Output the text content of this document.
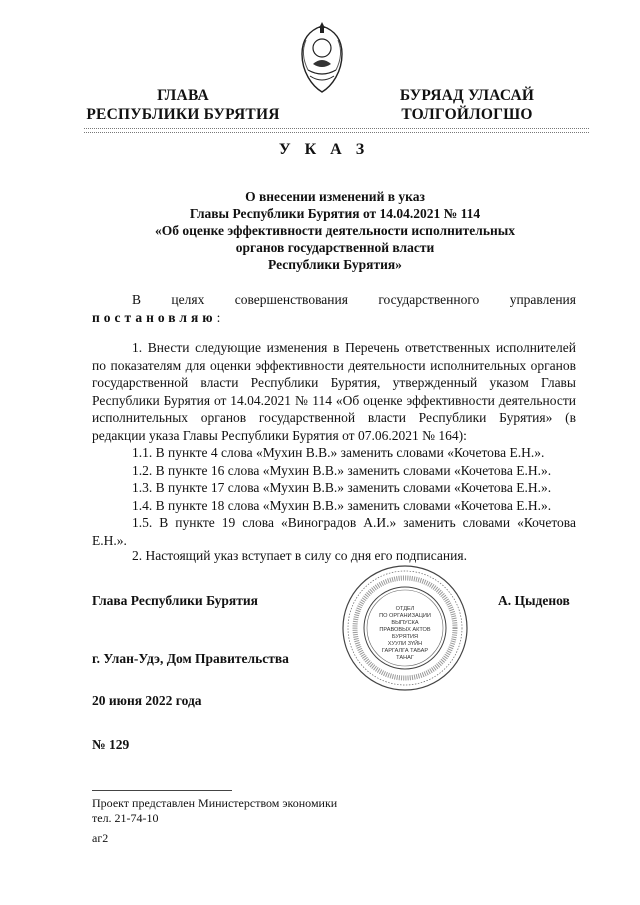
ГЛАВА
РЕСПУБЛИКИ БУРЯТИЯ
БУРЯАД УЛАСАЙ
ТОЛГОЙЛОГШО
У К А З
О внесении изменений в указ
Главы Республики Бурятия от 14.04.2021 № 114
«Об оценке эффективности деятельности исполнительных
органов государственной власти
Республики Бурятия»
В целях совершенствования государственного управления постановляю:
1. Внести следующие изменения в Перечень ответственных исполнителей по показателям для оценки эффективности деятельности исполнительных органов государственной власти Республики Бурятия, утвержденный указом Главы Республики Бурятия от 14.04.2021 № 114 «Об оценке эффективности деятельности исполнительных органов государственной власти Республики Бурятия» (в редакции указа Главы Республики Бурятия от 07.06.2021 № 164):
1.1. В пункте 4 слова «Мухин В.В.» заменить словами «Кочетова Е.Н.».
1.2. В пункте 16 слова «Мухин В.В.» заменить словами «Кочетова Е.Н.».
1.3. В пункте 17 слова «Мухин В.В.» заменить словами «Кочетова Е.Н.».
1.4. В пункте 18 слова «Мухин В.В.» заменить словами «Кочетова Е.Н.».
1.5. В пункте 19 слова «Виноградов А.И.» заменить словами «Кочетова Е.Н.».
2. Настоящий указ вступает в силу со дня его подписания.
Глава Республики Бурятия	А. Цыденов
ОТДЕЛ
ПО ОРГАНИЗАЦИИ
ВЫПУСКА
ПРАВОВЫХ АКТОВ
БУРЯТИЯ
ХУУЛИ ЗҮЙН
ГАРГАЛГА ТАБАР
ТАНАГ
г. Улан-Удэ, Дом Правительства
20 июня 2022 года
№ 129
Проект представлен Министерством экономики
тел. 21-74-10
аг2
